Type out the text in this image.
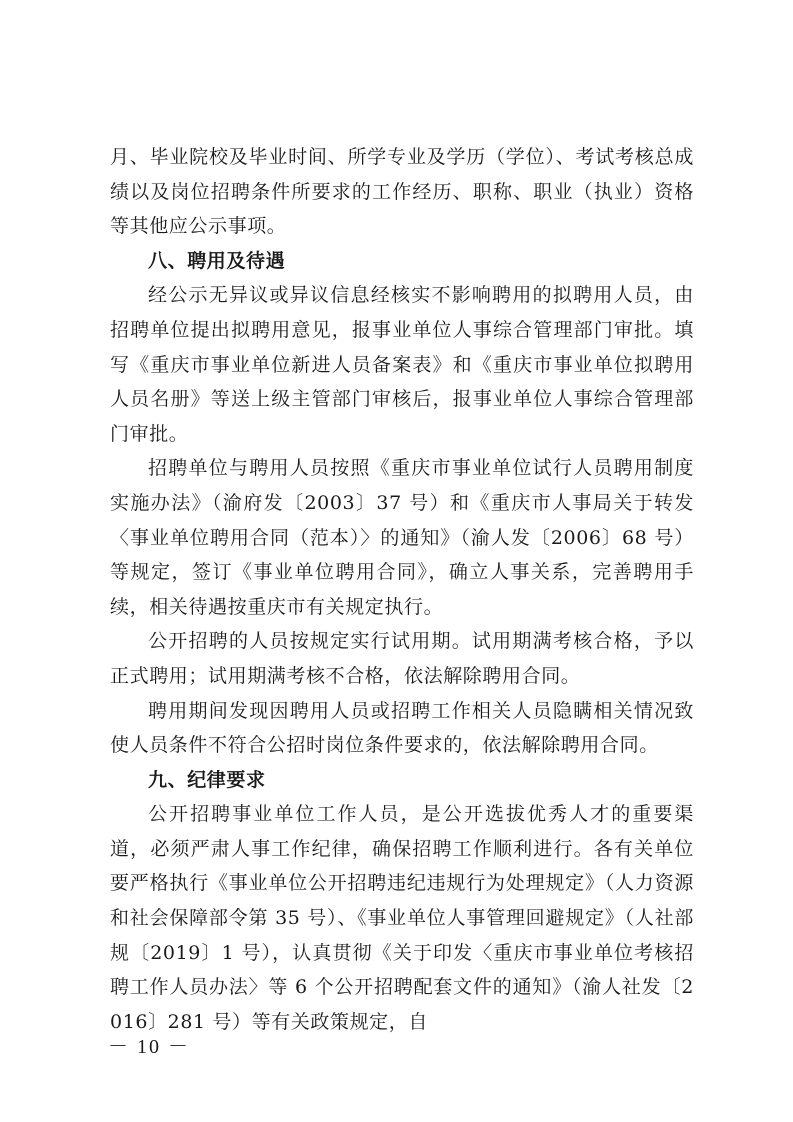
月、毕业院校及毕业时间、所学专业及学历（学位）、考试考核总成绩以及岗位招聘条件所要求的工作经历、职称、职业（执业）资格等其他应公示事项。

八、聘用及待遇

经公示无异议或异议信息经核实不影响聘用的拟聘用人员，由招聘单位提出拟聘用意见，报事业单位人事综合管理部门审批。填写《重庆市事业单位新进人员备案表》和《重庆市事业单位拟聘用人员名册》等送上级主管部门审核后，报事业单位人事综合管理部门审批。

招聘单位与聘用人员按照《重庆市事业单位试行人员聘用制度实施办法》（渝府发〔2003〕37 号）和《重庆市人事局关于转发〈事业单位聘用合同（范本）〉的通知》（渝人发〔2006〕68 号）等规定，签订《事业单位聘用合同》，确立人事关系，完善聘用手续，相关待遇按重庆市有关规定执行。

公开招聘的人员按规定实行试用期。试用期满考核合格，予以正式聘用；试用期满考核不合格，依法解除聘用合同。

聘用期间发现因聘用人员或招聘工作相关人员隐瞒相关情况致使人员条件不符合公招时岗位条件要求的，依法解除聘用合同。

九、纪律要求

公开招聘事业单位工作人员，是公开选拔优秀人才的重要渠道，必须严肃人事工作纪律，确保招聘工作顺利进行。各有关单位要严格执行《事业单位公开招聘违纪违规行为处理规定》（人力资源和社会保障部令第 35 号）、《事业单位人事管理回避规定》（人社部规〔2019〕1 号），认真贯彻《关于印发〈重庆市事业单位考核招聘工作人员办法〉等 6 个公开招聘配套文件的通知》（渝人社发〔2016〕281 号）等有关政策规定，自

－ 10 －
